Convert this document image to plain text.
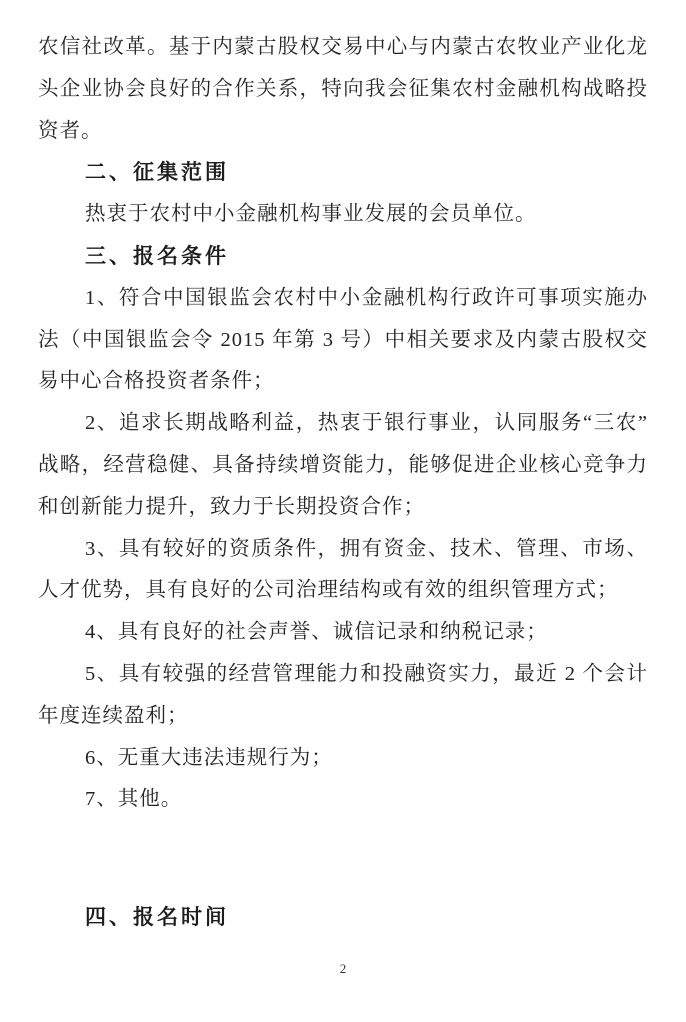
农信社改革。基于内蒙古股权交易中心与内蒙古农牧业产业化龙
头企业协会良好的合作关系，特向我会征集农村金融机构战略投
资者。
二、征集范围
热衷于农村中小金融机构事业发展的会员单位。
三、报名条件
1、符合中国银监会农村中小金融机构行政许可事项实施办
法（中国银监会令 2015 年第 3 号）中相关要求及内蒙古股权交
易中心合格投资者条件；
2、追求长期战略利益，热衷于银行事业，认同服务“三农”
战略，经营稳健、具备持续增资能力，能够促进企业核心竞争力
和创新能力提升，致力于长期投资合作；
3、具有较好的资质条件，拥有资金、技术、管理、市场、
人才优势，具有良好的公司治理结构或有效的组织管理方式；
4、具有良好的社会声誉、诚信记录和纳税记录；
5、具有较强的经营管理能力和投融资实力，最近 2 个会计
年度连续盈利；
6、无重大违法违规行为；
7、其他。
四、报名时间
2
